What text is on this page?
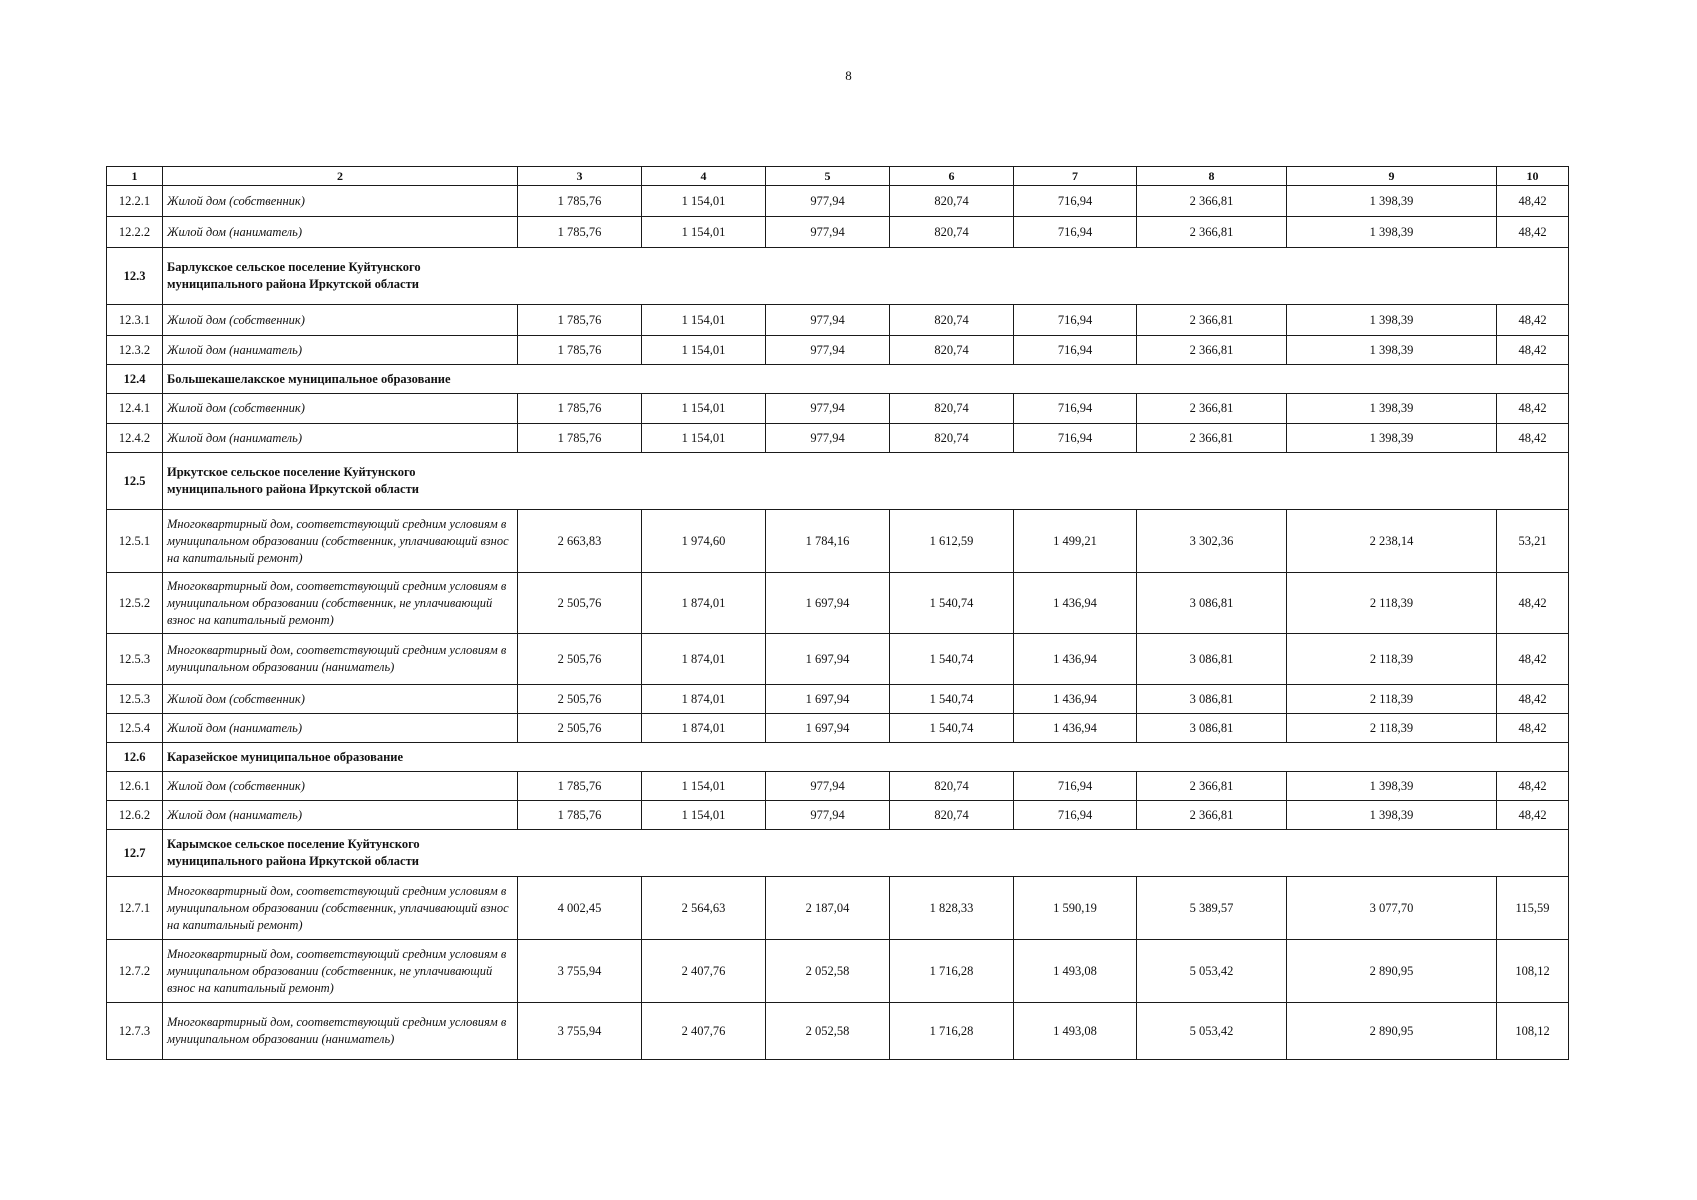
8
1	2	3	4	5	6	7	8	9	10
12.2.1	Жилой дом (собственник)	1 785,76	1 154,01	977,94	820,74	716,94	2 366,81	1 398,39	48,42
12.2.2	Жилой дом (наниматель)	1 785,76	1 154,01	977,94	820,74	716,94	2 366,81	1 398,39	48,42
12.3	Барлукское сельское поселение Куйтунского муниципального района Иркутской области								
12.3.1	Жилой дом (собственник)	1 785,76	1 154,01	977,94	820,74	716,94	2 366,81	1 398,39	48,42
12.3.2	Жилой дом (наниматель)	1 785,76	1 154,01	977,94	820,74	716,94	2 366,81	1 398,39	48,42
12.4	Большекашелакское муниципальное образование								
12.4.1	Жилой дом (собственник)	1 785,76	1 154,01	977,94	820,74	716,94	2 366,81	1 398,39	48,42
12.4.2	Жилой дом (наниматель)	1 785,76	1 154,01	977,94	820,74	716,94	2 366,81	1 398,39	48,42
12.5	Иркутское сельское поселение Куйтунского муниципального района Иркутской области								
12.5.1	Многоквартирный дом, соответствующий средним условиям в муниципальном образовании (собственник, уплачивающий взнос на капитальный ремонт)	2 663,83	1 974,60	1 784,16	1 612,59	1 499,21	3 302,36	2 238,14	53,21
12.5.2	Многоквартирный дом, соответствующий средним условиям в муниципальном образовании (собственник, не уплачивающий взнос на капитальный ремонт)	2 505,76	1 874,01	1 697,94	1 540,74	1 436,94	3 086,81	2 118,39	48,42
12.5.3	Многоквартирный дом, соответствующий средним условиям в муниципальном образовании (наниматель)	2 505,76	1 874,01	1 697,94	1 540,74	1 436,94	3 086,81	2 118,39	48,42
12.5.3	Жилой дом (собственник)	2 505,76	1 874,01	1 697,94	1 540,74	1 436,94	3 086,81	2 118,39	48,42
12.5.4	Жилой дом (наниматель)	2 505,76	1 874,01	1 697,94	1 540,74	1 436,94	3 086,81	2 118,39	48,42
12.6	Каразейское муниципальное образование								
12.6.1	Жилой дом (собственник)	1 785,76	1 154,01	977,94	820,74	716,94	2 366,81	1 398,39	48,42
12.6.2	Жилой дом (наниматель)	1 785,76	1 154,01	977,94	820,74	716,94	2 366,81	1 398,39	48,42
12.7	Карымское сельское поселение Куйтунского муниципального района Иркутской области								
12.7.1	Многоквартирный дом, соответствующий средним условиям в муниципальном образовании (собственник, уплачивающий взнос на капитальный ремонт)	4 002,45	2 564,63	2 187,04	1 828,33	1 590,19	5 389,57	3 077,70	115,59
12.7.2	Многоквартирный дом, соответствующий средним условиям в муниципальном образовании (собственник, не уплачивающий взнос на капитальный ремонт)	3 755,94	2 407,76	2 052,58	1 716,28	1 493,08	5 053,42	2 890,95	108,12
12.7.3	Многоквартирный дом, соответствующий средним условиям в муниципальном образовании (наниматель)	3 755,94	2 407,76	2 052,58	1 716,28	1 493,08	5 053,42	2 890,95	108,12
